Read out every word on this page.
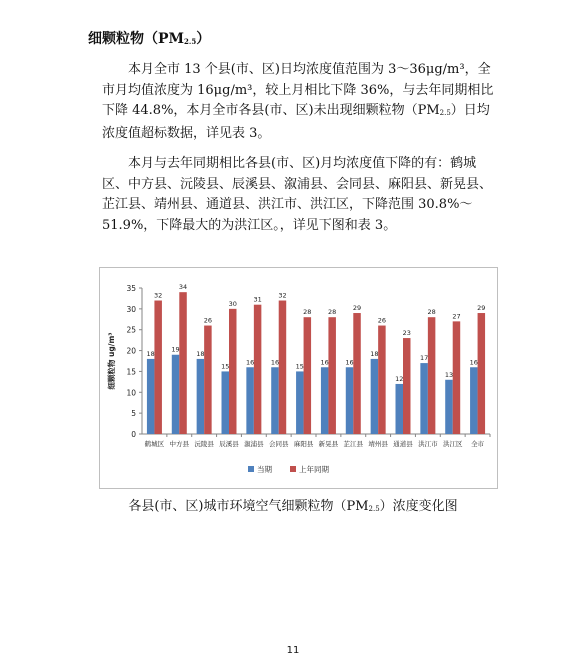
细颗粒物$(PM_{2.5})$
本月全市 13 个县(市、区)日均浓度值范围为 3～36μg/m³，全市月均值浓度为 16μg/m³，较上月相比下降 36%，与去年同期相比下降 44.8%，本月全市各县(市、区)未出现细颗粒物$(PM_{2.5})$日均浓度值超标数据，详见表 3。
本月与去年同期相比各县(市、区)月均浓度值下降的有：鹤城区、中方县、沅陵县、辰溪县、溆浦县、会同县、麻阳县、新晃县、芷江县、靖州县、通道县、洪江市、洪江区，下降范围 30.8%～51.9%，下降最大的为洪江区。，详见下图和表 3。
0
5
10
15
20
25
30
35
细颗粒物 ug/m³	18
32
鹤城区
19
34
中方县
18
26
沅陵县
15
30
辰溪县
16
31
溆浦县
16
32
会同县
15
28
麻阳县
16
28
新晃县
16
29
芷江县
18
26
靖州县
12
23
通道县
17
28
洪江市
13
27
洪江区
16
29
全市
当期	上年同期
各县(市、区)城市环境空气细颗粒物$(PM_{2.5})$浓度变化图
11
